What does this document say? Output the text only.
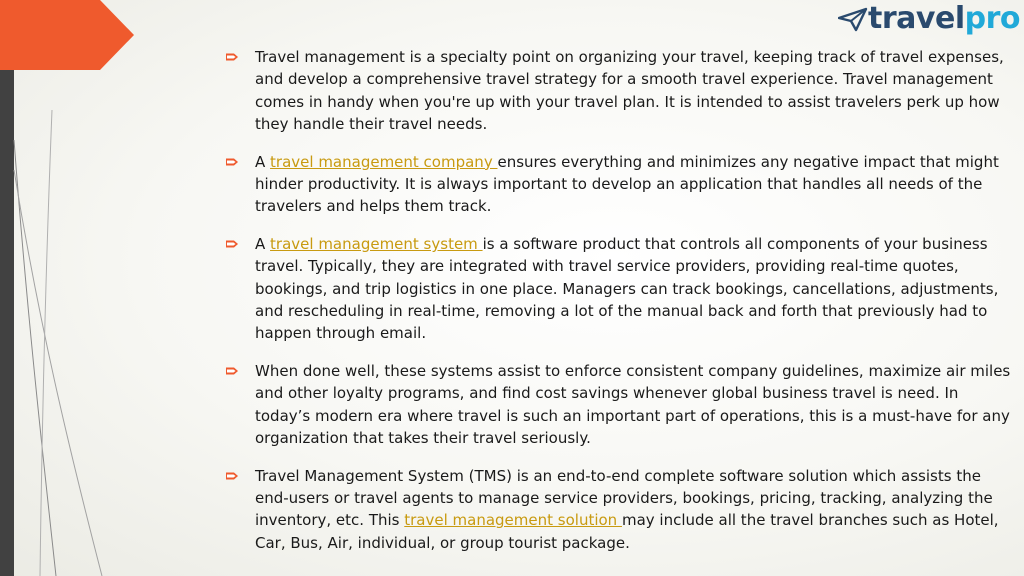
travelpro
Travel management is a specialty point on organizing your travel, keeping track of travel expenses, and develop a comprehensive travel strategy for a smooth travel experience. Travel management comes in handy when you're up with your travel plan. It is intended to assist travelers perk up how they handle their travel needs.
A travel management company ensures everything and minimizes any negative impact that might hinder productivity. It is always important to develop an application that handles all needs of the travelers and helps them track.
A travel management system is a software product that controls all components of your business travel. Typically, they are integrated with travel service providers, providing real-time quotes, bookings, and trip logistics in one place. Managers can track bookings, cancellations, adjustments, and rescheduling in real-time, removing a lot of the manual back and forth that previously had to happen through email.
When done well, these systems assist to enforce consistent company guidelines, maximize air miles and other loyalty programs, and find cost savings whenever global business travel is need. In today’s modern era where travel is such an important part of operations, this is a must-have for any organization that takes their travel seriously.
Travel Management System (TMS) is an end-to-end complete software solution which assists the end-users or travel agents to manage service providers, bookings, pricing, tracking, analyzing the inventory, etc. This travel management solution may include all the travel branches such as Hotel, Car, Bus, Air, individual, or group tourist package.
